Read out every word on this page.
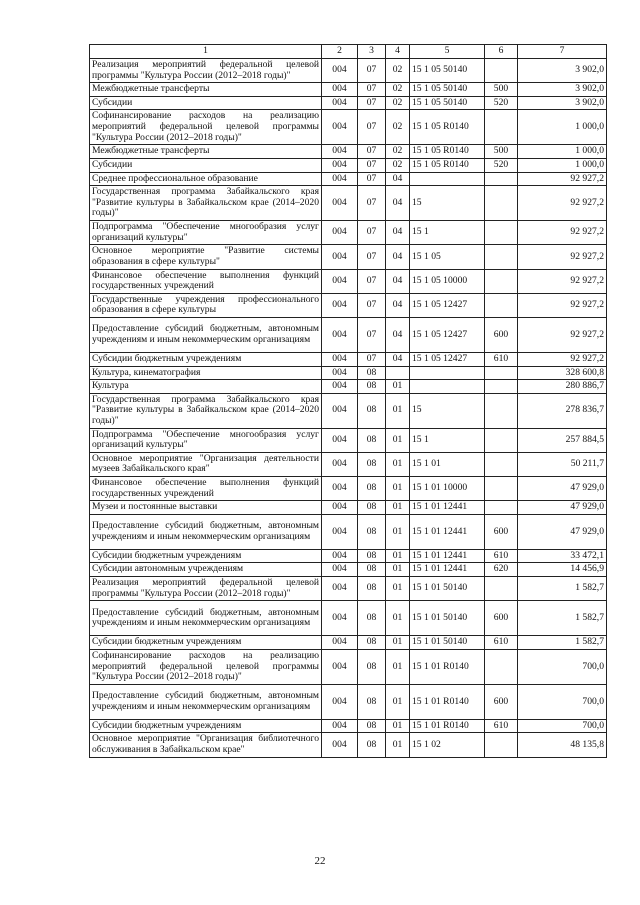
1	2	3	4	5	6	7
Реализация мероприятий федеральной целевой программы "Культура России (2012–2018 годы)"	004	07	02	15 1 05 50140		3 902,0
Межбюджетные трансферты	004	07	02	15 1 05 50140	500	3 902,0
Субсидии	004	07	02	15 1 05 50140	520	3 902,0
Софинансирование расходов на реализацию мероприятий федеральной целевой программы "Культура России (2012–2018 годы)"	004	07	02	15 1 05 R0140		1 000,0
Межбюджетные трансферты	004	07	02	15 1 05 R0140	500	1 000,0
Субсидии	004	07	02	15 1 05 R0140	520	1 000,0
Среднее профессиональное образование	004	07	04			92 927,2
Государственная программа Забайкальского края "Развитие культуры в Забайкальском крае (2014–2020 годы)"	004	07	04	15		92 927,2
Подпрограмма "Обеспечение многообразия услуг организаций культуры"	004	07	04	15 1		92 927,2
Основное мероприятие "Развитие системы образования в сфере культуры"	004	07	04	15 1 05		92 927,2
Финансовое обеспечение выполнения функций государственных учреждений	004	07	04	15 1 05 10000		92 927,2
Государственные учреждения профессионального образования в сфере культуры	004	07	04	15 1 05 12427		92 927,2
Предоставление субсидий бюджетным, автономным учреждениям и иным некоммерческим организациям	004	07	04	15 1 05 12427	600	92 927,2
Субсидии бюджетным учреждениям	004	07	04	15 1 05 12427	610	92 927,2
Культура, кинематография	004	08				328 600,8
Культура	004	08	01			280 886,7
Государственная программа Забайкальского края "Развитие культуры в Забайкальском крае (2014–2020 годы)"	004	08	01	15		278 836,7
Подпрограмма "Обеспечение многообразия услуг организаций культуры"	004	08	01	15 1		257 884,5
Основное мероприятие "Организация деятельности музеев Забайкальского края"	004	08	01	15 1 01		50 211,7
Финансовое обеспечение выполнения функций государственных учреждений	004	08	01	15 1 01 10000		47 929,0
Музеи и постоянные выставки	004	08	01	15 1 01 12441		47 929,0
Предоставление субсидий бюджетным, автономным учреждениям и иным некоммерческим организациям	004	08	01	15 1 01 12441	600	47 929,0
Субсидии бюджетным учреждениям	004	08	01	15 1 01 12441	610	33 472,1
Субсидии автономным учреждениям	004	08	01	15 1 01 12441	620	14 456,9
Реализация мероприятий федеральной целевой программы "Культура России (2012–2018 годы)"	004	08	01	15 1 01 50140		1 582,7
Предоставление субсидий бюджетным, автономным учреждениям и иным некоммерческим организациям	004	08	01	15 1 01 50140	600	1 582,7
Субсидии бюджетным учреждениям	004	08	01	15 1 01 50140	610	1 582,7
Софинансирование расходов на реализацию мероприятий федеральной целевой программы "Культура России (2012–2018 годы)"	004	08	01	15 1 01 R0140		700,0
Предоставление субсидий бюджетным, автономным учреждениям и иным некоммерческим организациям	004	08	01	15 1 01 R0140	600	700,0
Субсидии бюджетным учреждениям	004	08	01	15 1 01 R0140	610	700,0
Основное мероприятие "Организация библиотечного обслуживания в Забайкальском крае"	004	08	01	15 1 02		48 135,8
22
